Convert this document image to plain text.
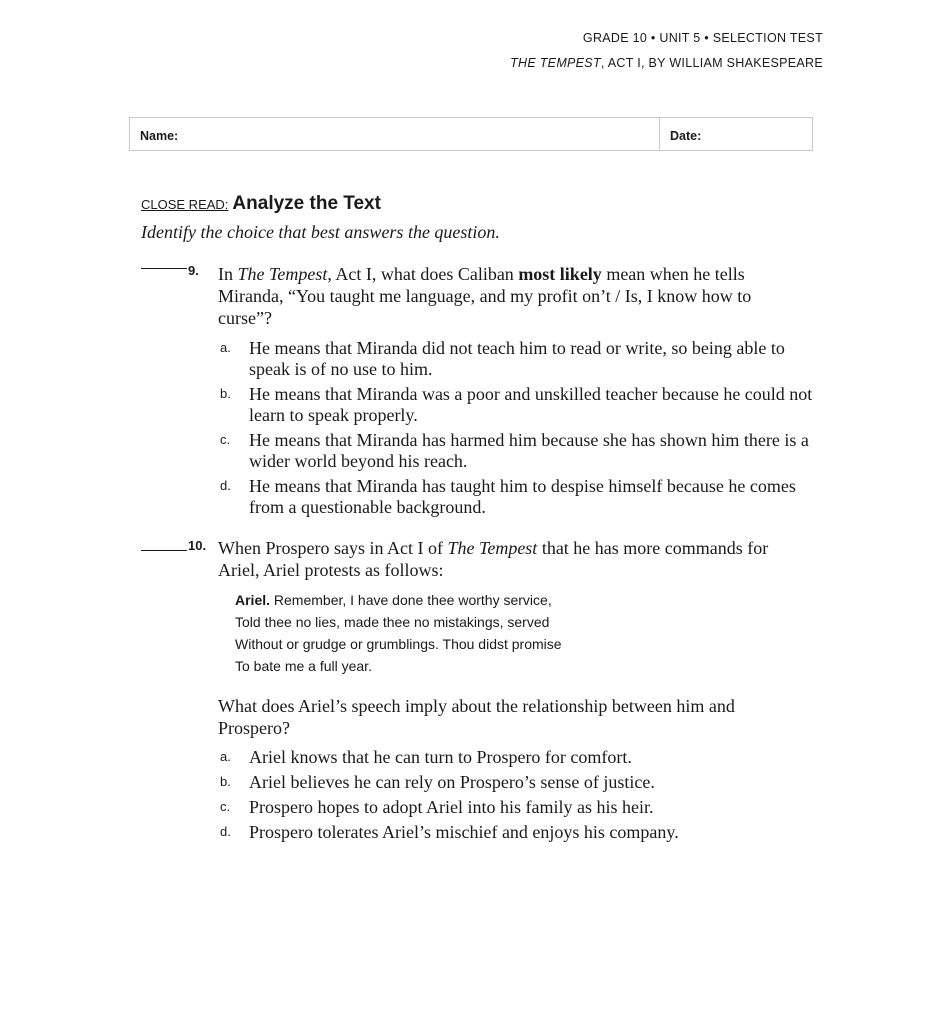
GRADE 10 • UNIT 5 • SELECTION TEST
THE TEMPEST, ACT I, BY WILLIAM SHAKESPEARE
Name:	Date:
CLOSE READ: Analyze the Text
Identify the choice that best answers the question.
9. In The Tempest, Act I, what does Caliban most likely mean when he tells Miranda, “You taught me language, and my profit on’t / Is, I know how to curse”?
a.	He means that Miranda did not teach him to read or write, so being able to speak is of no use to him.
b.	He means that Miranda was a poor and unskilled teacher because he could not learn to speak properly.
c.	He means that Miranda has harmed him because she has shown him there is a wider world beyond his reach.
d.	He means that Miranda has taught him to despise himself because he comes from a questionable background.
10. When Prospero says in Act I of The Tempest that he has more commands for Ariel, Ariel protests as follows:
Ariel. Remember, I have done thee worthy service,
Told thee no lies, made thee no mistakings, served
Without or grudge or grumblings. Thou didst promise
To bate me a full year.
What does Ariel’s speech imply about the relationship between him and Prospero?
a.	Ariel knows that he can turn to Prospero for comfort.
b.	Ariel believes he can rely on Prospero’s sense of justice.
c.	Prospero hopes to adopt Ariel into his family as his heir.
d.	Prospero tolerates Ariel’s mischief and enjoys his company.
